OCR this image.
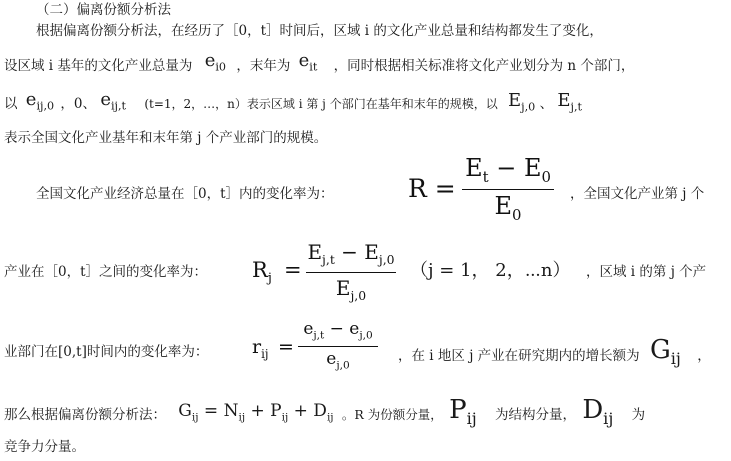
（二）偏离份额分析法
根据偏离份额分析法，在经历了［0，t］时间后，区域 i 的文化产业总量和结构都发生了变化，
设区域 i 基年的文化产业总量为 $e_{i0}$ ，末年为 $e_{it}$ ，同时根据相关标准将文化产业划分为 n 个部门，
以 $e_{ij,0}$ ，0、 $e_{ij,t}$ (t=1，2，…，n）表示区域 i 第 j 个部门在基年和末年的规模，以 $E_{j,0}$ 、 $E_{j,t}$
表示全国文化产业基年和末年第 j 个产业部门的规模。
全国文化产业经济总量在［0，t］内的变化率为：	R =
$E_t - E_0$
$E_0$
，全国文化产业第 j 个
产业在［0，t］之间的变化率为： $R_j$ =
$E_{j,t} - E_{j,0}$
$E_{j,0}$
（j = 1， 2，⋯n） ，区域 i 的第 j 个产
业部门在[0,t]时间内的变化率为： $r_{ij}$ =
$e_{j,t} - e_{j,0}$
$e_{j,0}$
，在 i 地区 j 产业在研究期内的增长额为 $G_{ij}$ ，
那么根据偏离份额分析法： $G_{ij} = N_{ij} + P_{ij} + D_{ij}$ 。R 为份额分量， $P_{ij}$ 为结构分量， $D_{ij}$ 为
竞争力分量。
